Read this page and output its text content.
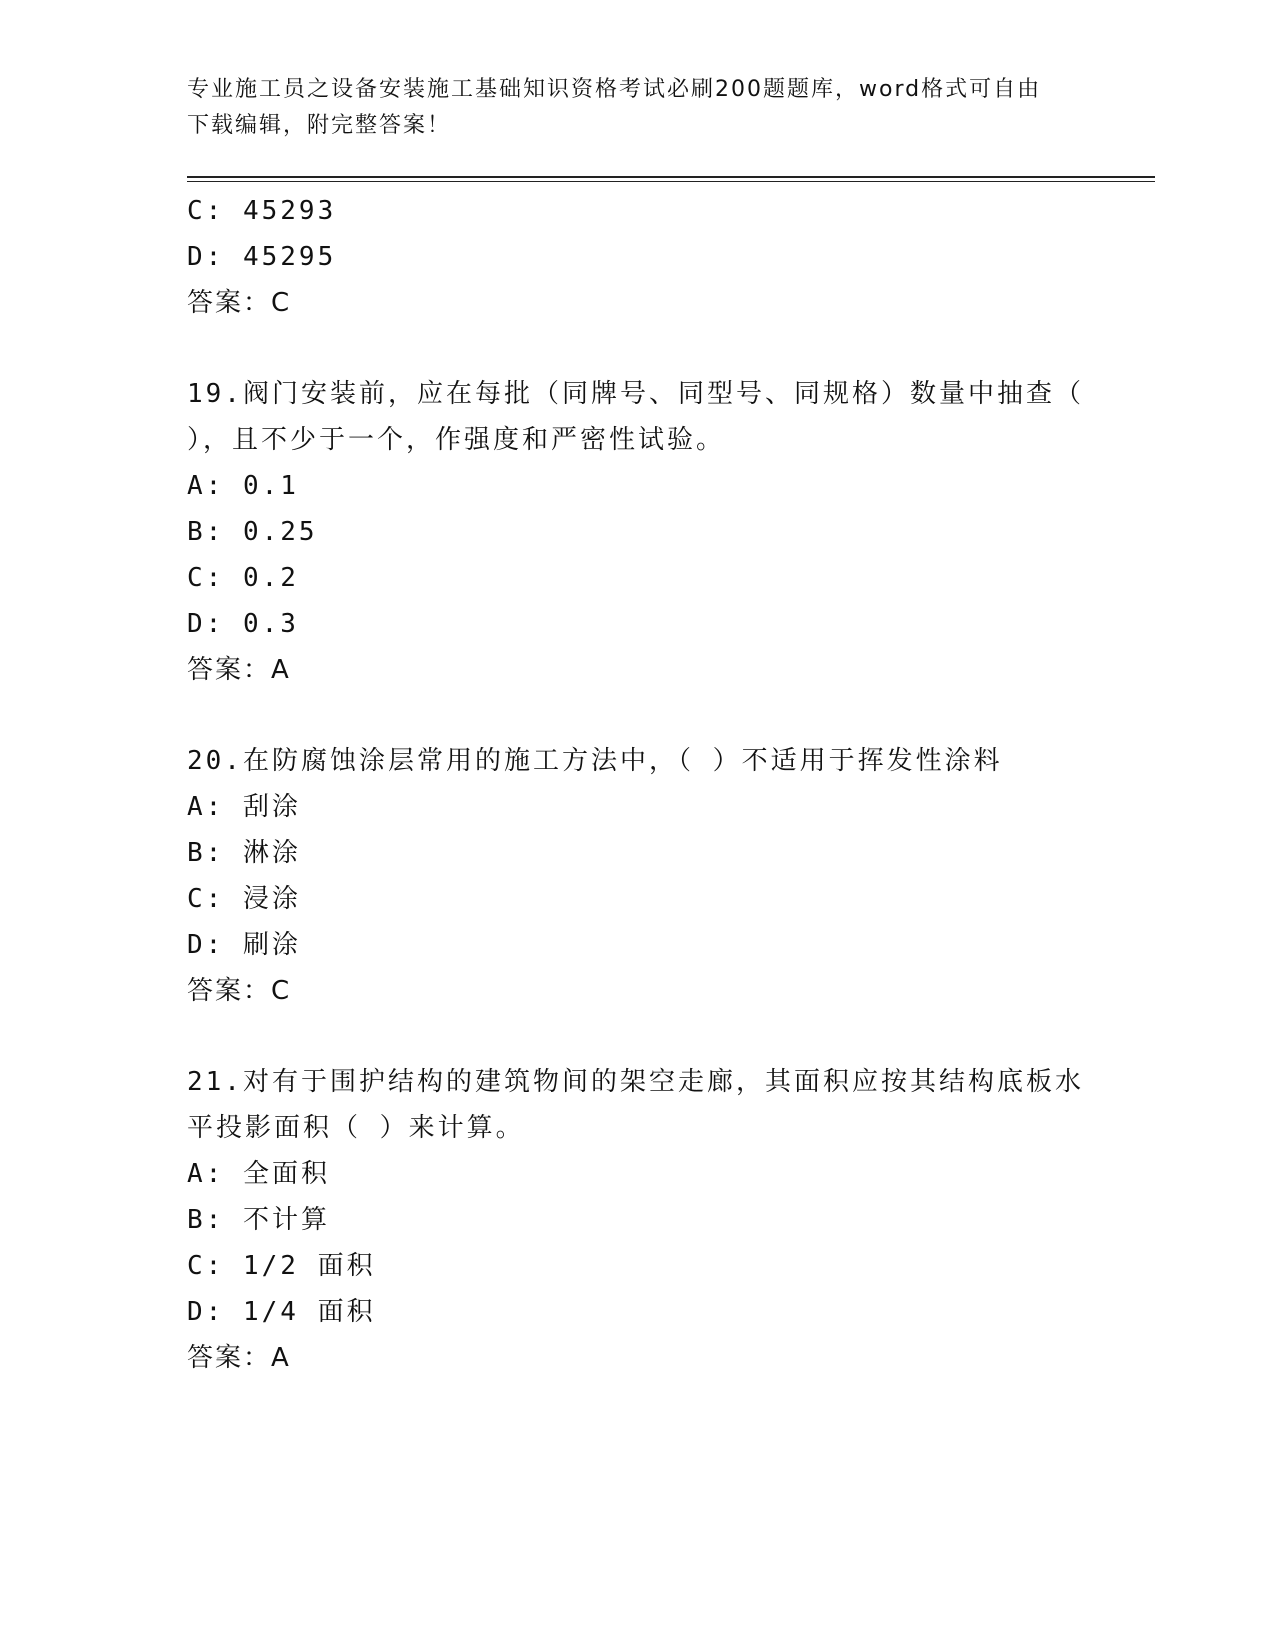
专业施工员之设备安装施工基础知识资格考试必刷200题题库，word格式可自由
下载编辑，附完整答案！
C: 45293
D: 45295
答案：C
19.阀门安装前，应在每批（同牌号、同型号、同规格）数量中抽查（
），且不少于一个，作强度和严密性试验。
A: 0.1
B: 0.25
C: 0.2
D: 0.3
答案：A
20.在防腐蚀涂层常用的施工方法中，（ ）不适用于挥发性涂料
A: 刮涂
B: 淋涂
C: 浸涂
D: 刷涂
答案：C
21.对有于围护结构的建筑物间的架空走廊，其面积应按其结构底板水
平投影面积（ ）来计算。
A: 全面积
B: 不计算
C: 1/2 面积
D: 1/4 面积
答案：A
